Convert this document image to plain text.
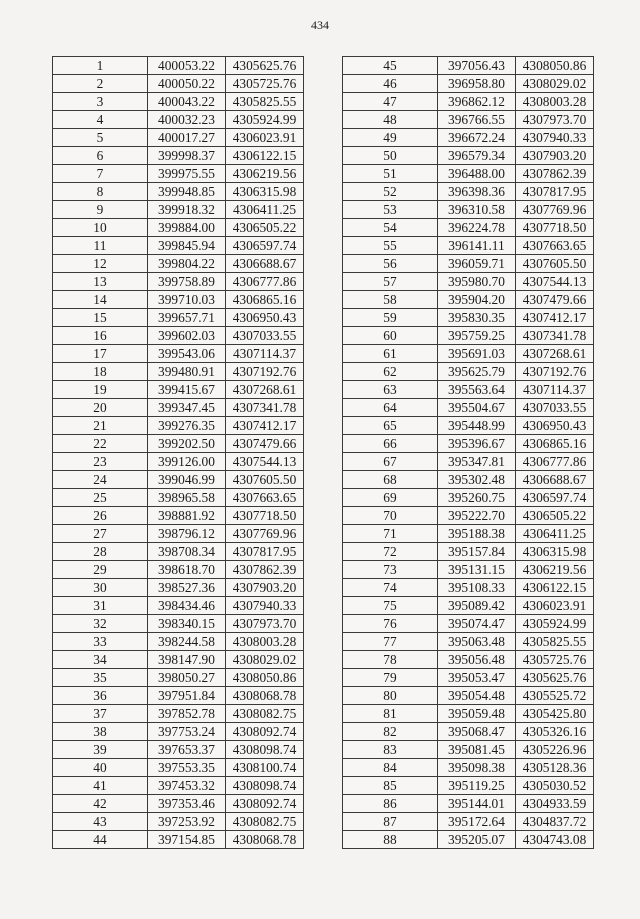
434
1	400053.22	4305625.76
2	400050.22	4305725.76
3	400043.22	4305825.55
4	400032.23	4305924.99
5	400017.27	4306023.91
6	399998.37	4306122.15
7	399975.55	4306219.56
8	399948.85	4306315.98
9	399918.32	4306411.25
10	399884.00	4306505.22
11	399845.94	4306597.74
12	399804.22	4306688.67
13	399758.89	4306777.86
14	399710.03	4306865.16
15	399657.71	4306950.43
16	399602.03	4307033.55
17	399543.06	4307114.37
18	399480.91	4307192.76
19	399415.67	4307268.61
20	399347.45	4307341.78
21	399276.35	4307412.17
22	399202.50	4307479.66
23	399126.00	4307544.13
24	399046.99	4307605.50
25	398965.58	4307663.65
26	398881.92	4307718.50
27	398796.12	4307769.96
28	398708.34	4307817.95
29	398618.70	4307862.39
30	398527.36	4307903.20
31	398434.46	4307940.33
32	398340.15	4307973.70
33	398244.58	4308003.28
34	398147.90	4308029.02
35	398050.27	4308050.86
36	397951.84	4308068.78
37	397852.78	4308082.75
38	397753.24	4308092.74
39	397653.37	4308098.74
40	397553.35	4308100.74
41	397453.32	4308098.74
42	397353.46	4308092.74
43	397253.92	4308082.75
44	397154.85	4308068.78
45	397056.43	4308050.86
46	396958.80	4308029.02
47	396862.12	4308003.28
48	396766.55	4307973.70
49	396672.24	4307940.33
50	396579.34	4307903.20
51	396488.00	4307862.39
52	396398.36	4307817.95
53	396310.58	4307769.96
54	396224.78	4307718.50
55	396141.11	4307663.65
56	396059.71	4307605.50
57	395980.70	4307544.13
58	395904.20	4307479.66
59	395830.35	4307412.17
60	395759.25	4307341.78
61	395691.03	4307268.61
62	395625.79	4307192.76
63	395563.64	4307114.37
64	395504.67	4307033.55
65	395448.99	4306950.43
66	395396.67	4306865.16
67	395347.81	4306777.86
68	395302.48	4306688.67
69	395260.75	4306597.74
70	395222.70	4306505.22
71	395188.38	4306411.25
72	395157.84	4306315.98
73	395131.15	4306219.56
74	395108.33	4306122.15
75	395089.42	4306023.91
76	395074.47	4305924.99
77	395063.48	4305825.55
78	395056.48	4305725.76
79	395053.47	4305625.76
80	395054.48	4305525.72
81	395059.48	4305425.80
82	395068.47	4305326.16
83	395081.45	4305226.96
84	395098.38	4305128.36
85	395119.25	4305030.52
86	395144.01	4304933.59
87	395172.64	4304837.72
88	395205.07	4304743.08
